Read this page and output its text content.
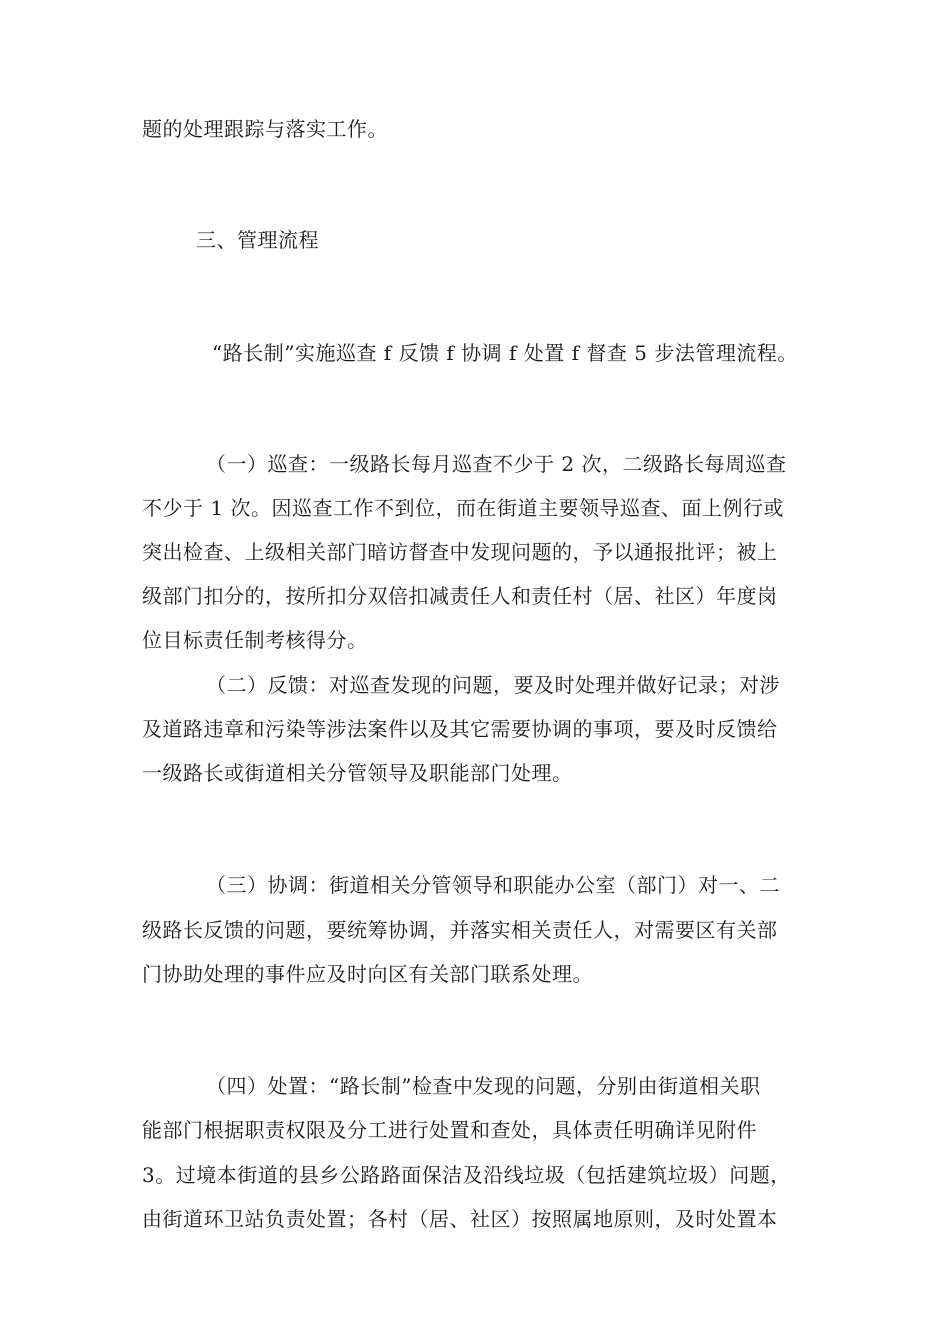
题的处理跟踪与落实工作。
三、管理流程
“路长制”实施巡查 f 反馈 f 协调 f 处置 f 督查 5 步法管理流程。
（一）巡查：一级路长每月巡查不少于 2 次，二级路长每周巡查
不少于 1 次。因巡查工作不到位，而在街道主要领导巡查、面上例行或
突出检查、上级相关部门暗访督查中发现问题的，予以通报批评；被上
级部门扣分的，按所扣分双倍扣减责任人和责任村（居、社区）年度岗
位目标责任制考核得分。
（二）反馈：对巡查发现的问题，要及时处理并做好记录；对涉
及道路违章和污染等涉法案件以及其它需要协调的事项，要及时反馈给
一级路长或街道相关分管领导及职能部门处理。
（三）协调：街道相关分管领导和职能办公室（部门）对一、二
级路长反馈的问题，要统筹协调，并落实相关责任人，对需要区有关部
门协助处理的事件应及时向区有关部门联系处理。
（四）处置：“路长制”检查中发现的问题，分别由街道相关职
能部门根据职责权限及分工进行处置和查处，具体责任明确详见附件
3。过境本街道的县乡公路路面保洁及沿线垃圾（包括建筑垃圾）问题，
由街道环卫站负责处置；各村（居、社区）按照属地原则，及时处置本
